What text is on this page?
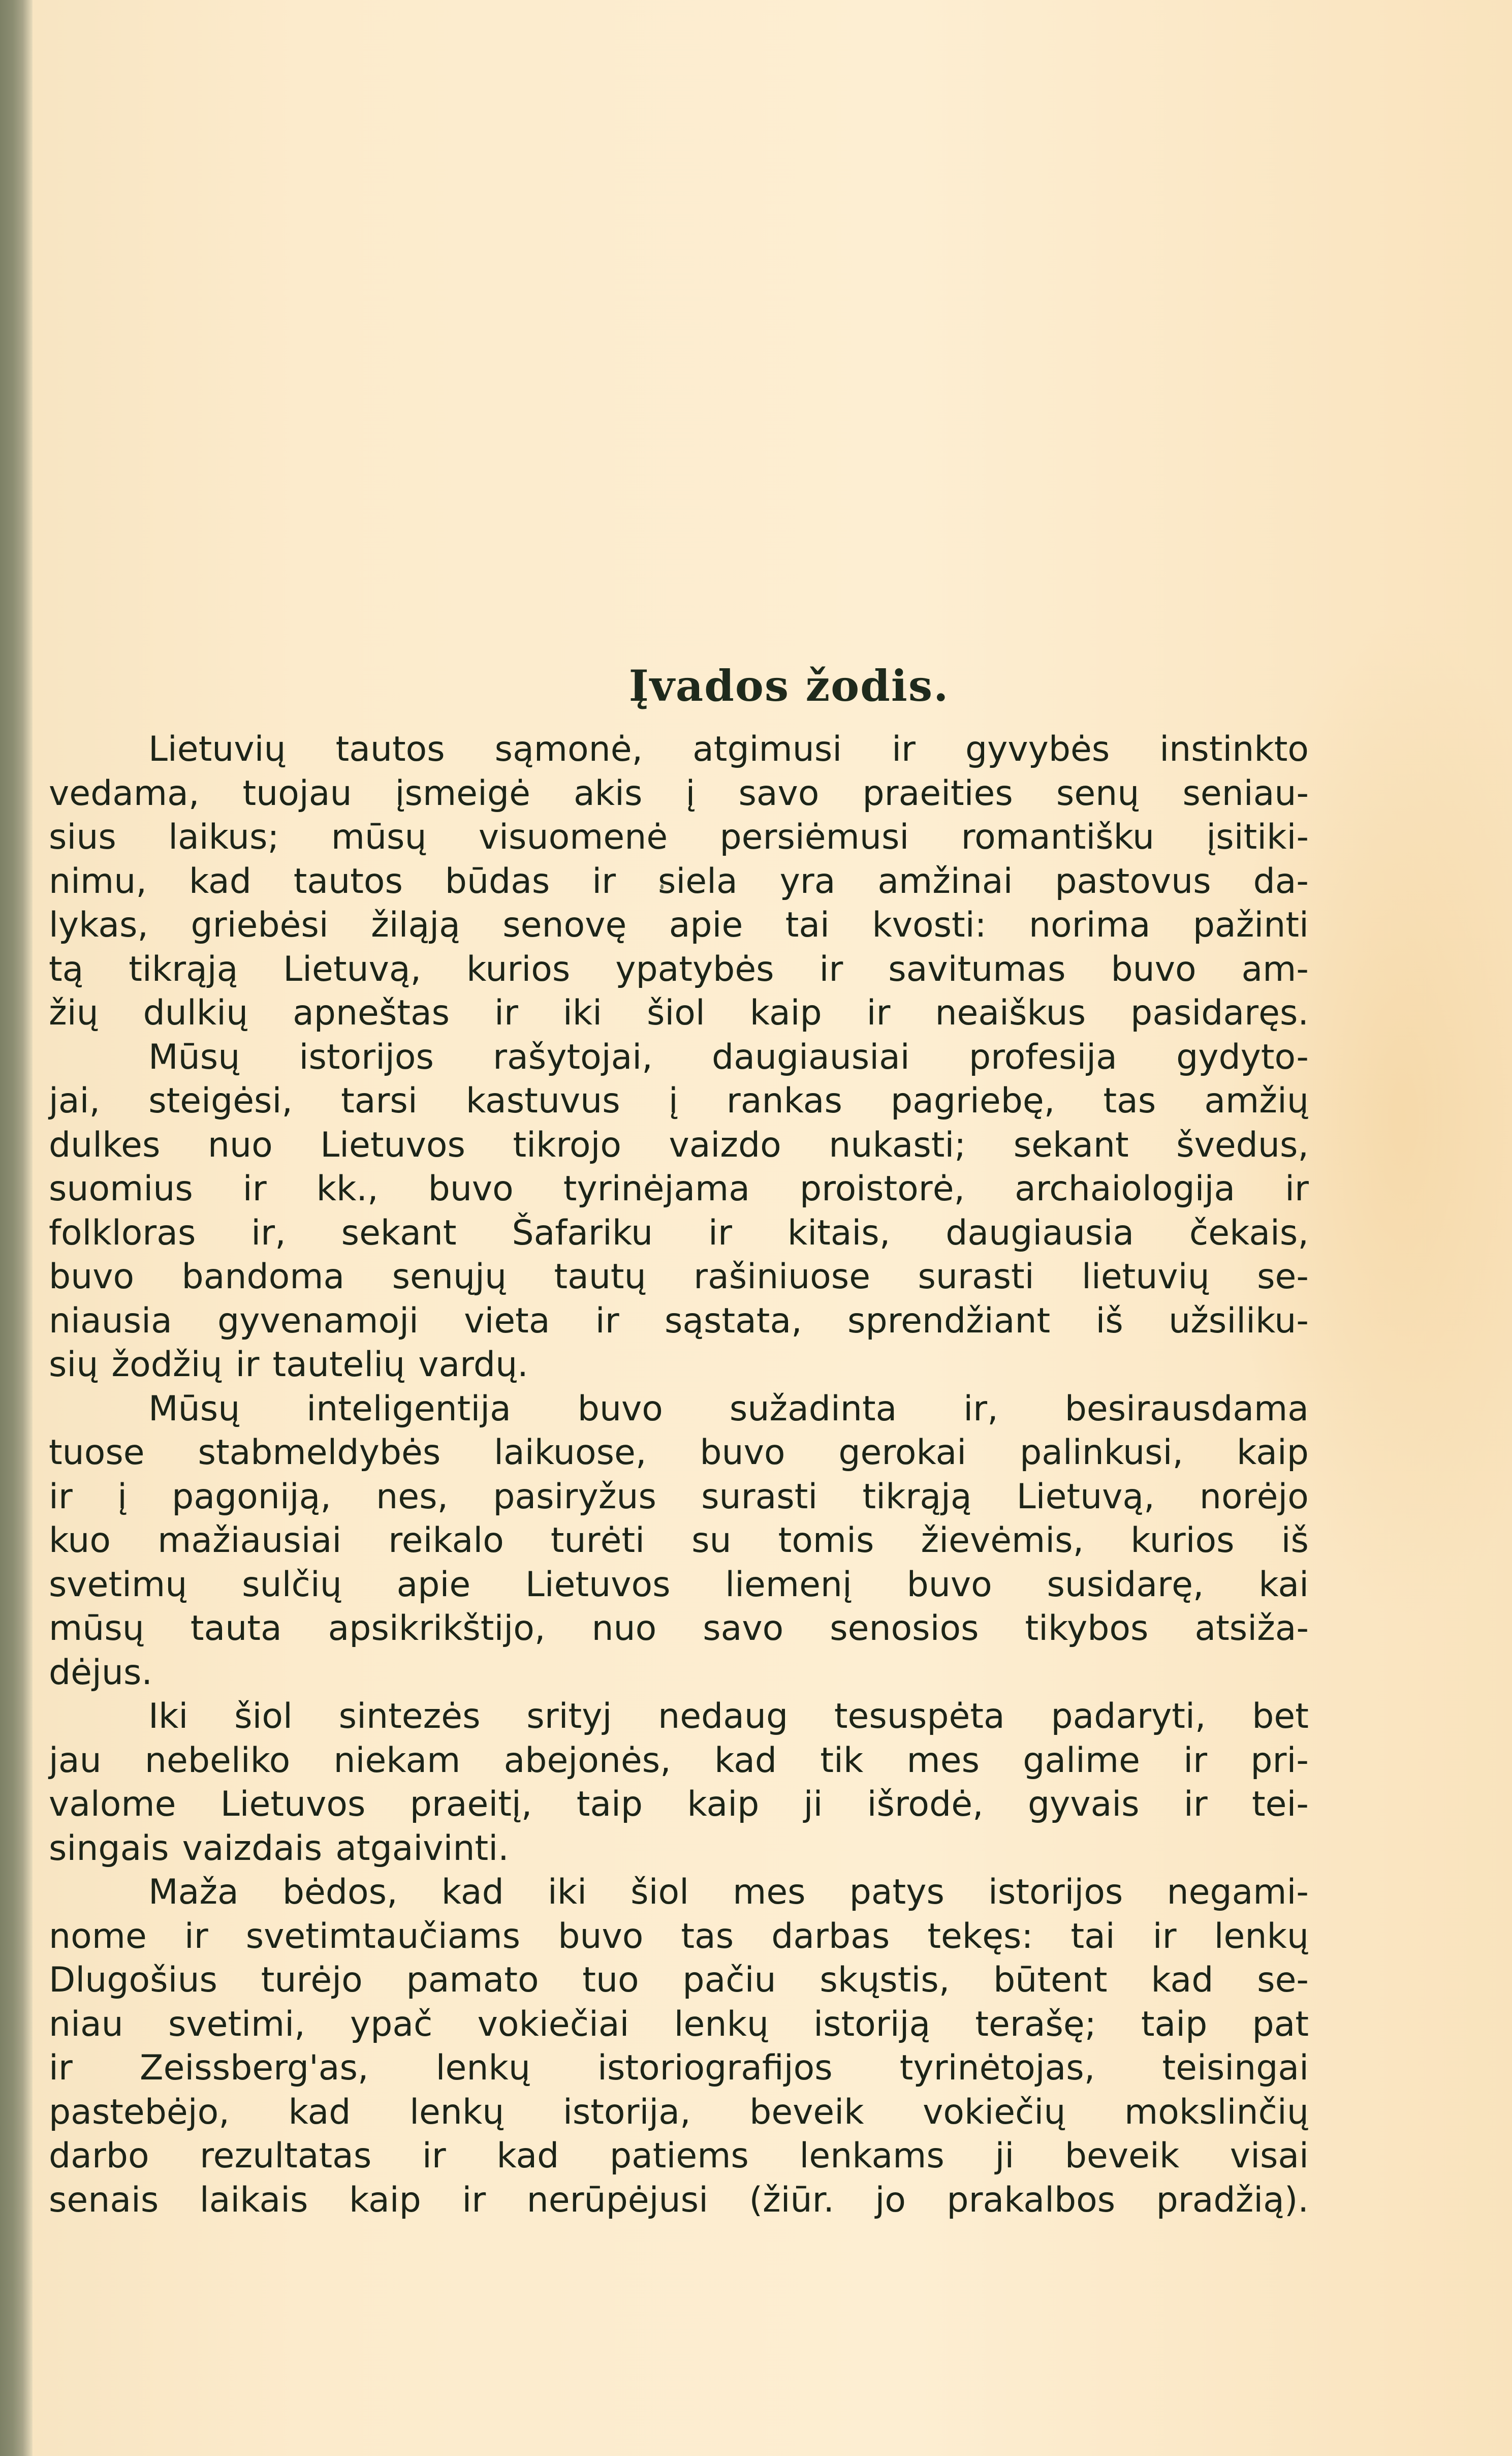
Įvados žodis.
Lietuvių tautos sąmonė, atgimusi ir gyvybės instinkto
vedama, tuojau įsmeigė akis į savo praeities senų seniau-
sius laikus; mūsų visuomenė persiėmusi romantišku įsitiki-
nimu, kad tautos būdas ir siela yra amžinai pastovus da-
lykas, griebėsi žiląją senovę apie tai kvosti: norima pažinti
tą tikrąją Lietuvą, kurios ypatybės ir savitumas buvo am-
žių dulkių apneštas ir iki šiol kaip ir neaiškus pasidaręs.
Mūsų istorijos rašytojai, daugiausiai profesija gydyto-
jai, steigėsi, tarsi kastuvus į rankas pagriebę, tas amžių
dulkes nuo Lietuvos tikrojo vaizdo nukasti; sekant švedus,
suomius ir kk., buvo tyrinėjama proistorė, archaiologija ir
folkloras ir, sekant Šafariku ir kitais, daugiausia čekais,
buvo bandoma senųjų tautų rašiniuose surasti lietuvių se-
niausia gyvenamoji vieta ir sąstata, sprendžiant iš užsiliku-
sių žodžių ir tautelių vardų.
Mūsų inteligentija buvo sužadinta ir, besirausdama
tuose stabmeldybės laikuose, buvo gerokai palinkusi, kaip
ir į pagoniją, nes, pasiryžus surasti tikrąją Lietuvą, norėjo
kuo mažiausiai reikalo turėti su tomis žievėmis, kurios iš
svetimų sulčių apie Lietuvos liemenį buvo susidarę, kai
mūsų tauta apsikrikštijo, nuo savo senosios tikybos atsiža-
dėjus.
Iki šiol sintezės srityj nedaug tesuspėta padaryti, bet
jau nebeliko niekam abejonės, kad tik mes galime ir pri-
valome Lietuvos praeitį, taip kaip ji išrodė, gyvais ir tei-
singais vaizdais atgaivinti.
Maža bėdos, kad iki šiol mes patys istorijos negami-
nome ir svetimtaučiams buvo tas darbas tekęs: tai ir lenkų
Dlugošius turėjo pamato tuo pačiu skųstis, būtent kad se-
niau svetimi, ypač vokiečiai lenkų istoriją terašę; taip pat
ir Zeissberg'as, lenkų istoriografijos tyrinėtojas, teisingai
pastebėjo, kad lenkų istorija, beveik vokiečių mokslinčių
darbo rezultatas ir kad patiems lenkams ji beveik visai
senais laikais kaip ir nerūpėjusi (žiūr. jo prakalbos pradžią).
